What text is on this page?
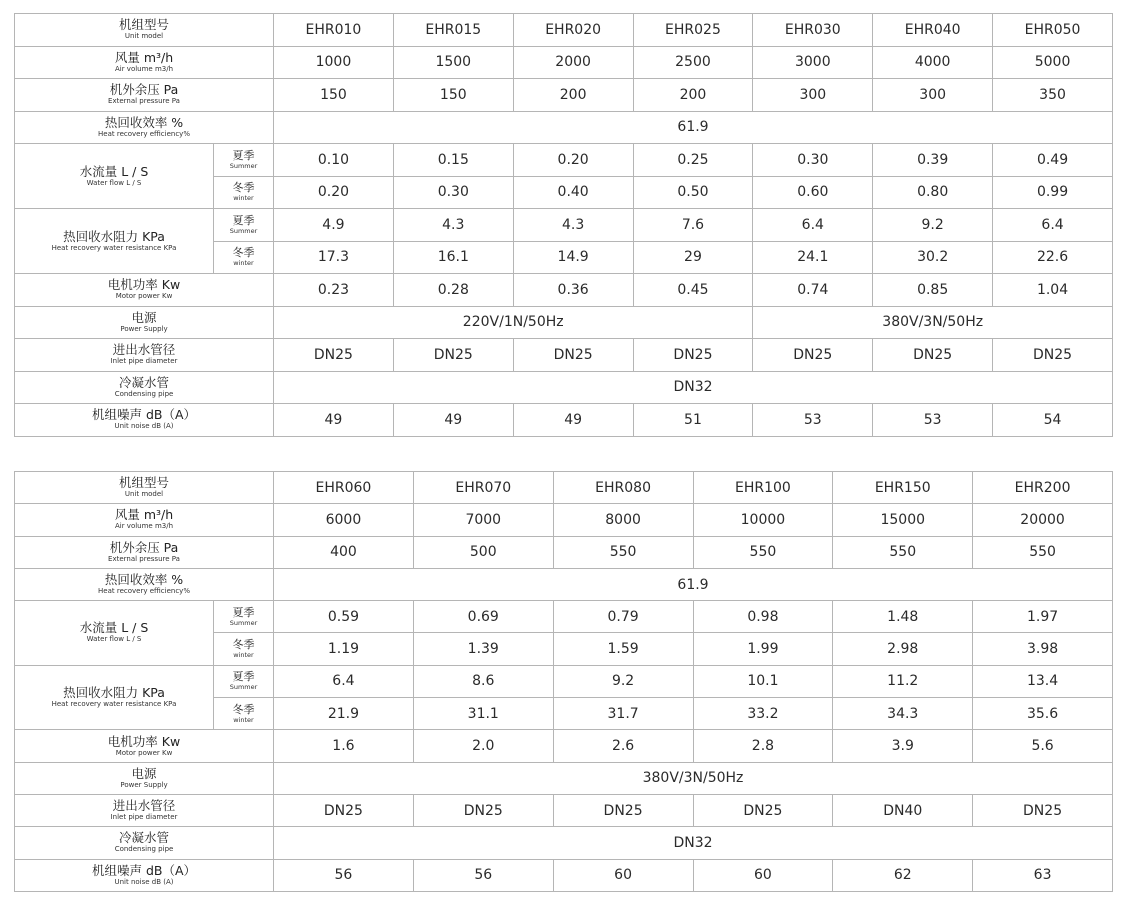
机组型号
Unit model		EHR010	EHR015	EHR020	EHR025	EHR030	EHR040	EHR050

风量 m³/h
Air volume m3/h		1000	1500	2000	2500	3000	4000	5000

机外余压 Pa
External pressure Pa		150	150	200	200	300	300	350

热回收效率 %
Heat recovery efficiency%		61.9						

水流量 L / S
Water flow L / S	夏季
Summer	0.10	0.15	0.20	0.25	0.30	0.39	0.49

	冬季
winter	0.20	0.30	0.40	0.50	0.60	0.80	0.99

热回收水阻力 KPa
Heat recovery water resistance KPa	夏季
Summer	4.9	4.3	4.3	7.6	6.4	9.2	6.4

	冬季
winter	17.3	16.1	14.9	29	24.1	30.2	22.6

电机功率 Kw
Motor power Kw		0.23	0.28	0.36	0.45	0.74	0.85	1.04

电源
Power Supply		220V/1N/50Hz				380V/3N/50Hz		

进出水管径
Inlet pipe diameter		DN25	DN25	DN25	DN25	DN25	DN25	DN25

冷凝水管
Condensing pipe		DN32						

机组噪声 dB（A）
Unit noise dB (A)		49	49	49	51	53	53	54
机组型号
Unit model		EHR060	EHR070	EHR080	EHR100	EHR150	EHR200

风量 m³/h
Air volume m3/h		6000	7000	8000	10000	15000	20000

机外余压 Pa
External pressure Pa		400	500	550	550	550	550

热回收效率 %
Heat recovery efficiency%		61.9					

水流量 L / S
Water flow L / S	夏季
Summer	0.59	0.69	0.79	0.98	1.48	1.97

	冬季
winter	1.19	1.39	1.59	1.99	2.98	3.98

热回收水阻力 KPa
Heat recovery water resistance KPa	夏季
Summer	6.4	8.6	9.2	10.1	11.2	13.4

	冬季
winter	21.9	31.1	31.7	33.2	34.3	35.6

电机功率 Kw
Motor power Kw		1.6	2.0	2.6	2.8	3.9	5.6

电源
Power Supply		380V/3N/50Hz					

进出水管径
Inlet pipe diameter		DN25	DN25	DN25	DN25	DN40	DN25

冷凝水管
Condensing pipe		DN32					

机组噪声 dB（A）
Unit noise dB (A)		56	56	60	60	62	63
